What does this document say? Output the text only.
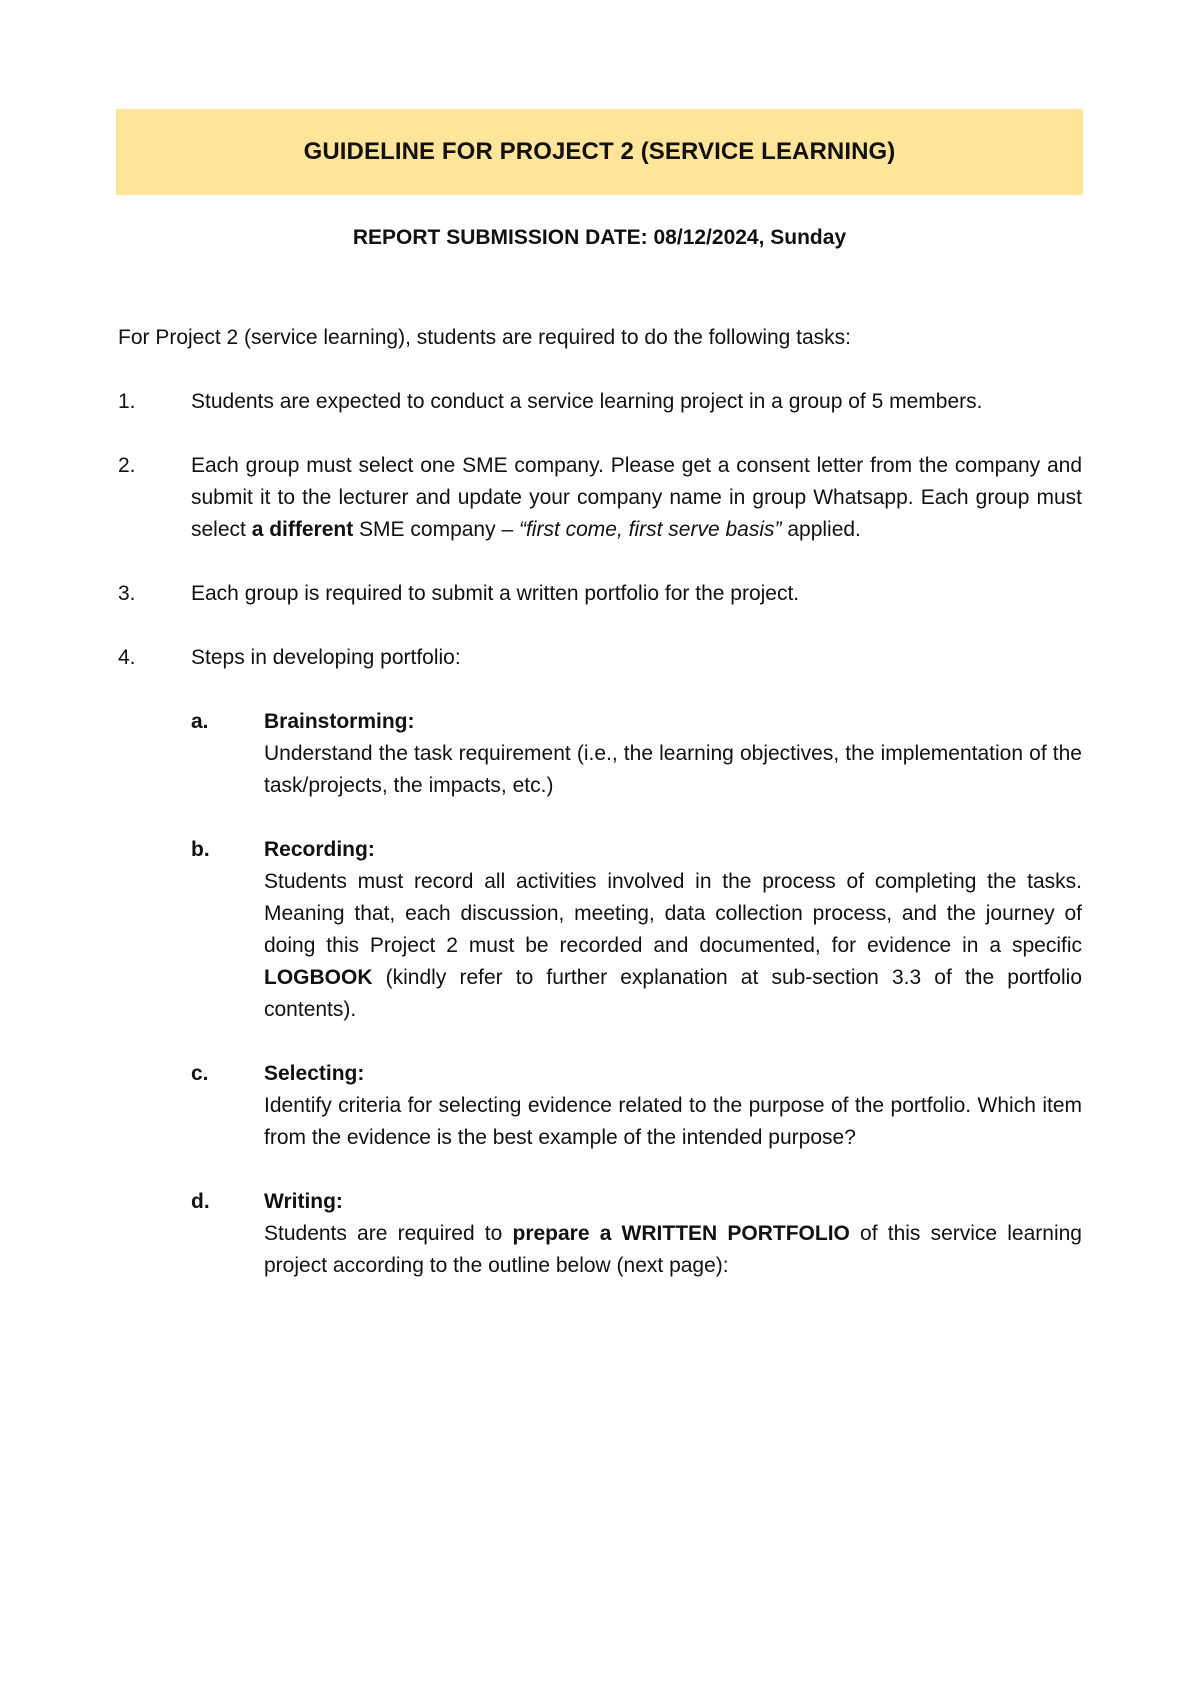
GUIDELINE FOR PROJECT 2 (SERVICE LEARNING)
REPORT SUBMISSION DATE: 08/12/2024, Sunday
For Project 2 (service learning), students are required to do the following tasks:
1.	Students are expected to conduct a service learning project in a group of 5 members.
2.	Each group must select one SME company. Please get a consent letter from the company and submit it to the lecturer and update your company name in group Whatsapp. Each group must select a different SME company – “first come, first serve basis” applied.
3.	Each group is required to submit a written portfolio for the project.
4.	Steps in developing portfolio:
a.	Brainstorming:
Understand the task requirement (i.e., the learning objectives, the implementation of the task/projects, the impacts, etc.)
b.	Recording:
Students must record all activities involved in the process of completing the tasks. Meaning that, each discussion, meeting, data collection process, and the journey of doing this Project 2 must be recorded and documented, for evidence in a specific LOGBOOK (kindly refer to further explanation at sub-section 3.3 of the portfolio contents).
c.	Selecting:
Identify criteria for selecting evidence related to the purpose of the portfolio. Which item from the evidence is the best example of the intended purpose?
d.	Writing:
Students are required to prepare a WRITTEN PORTFOLIO of this service learning project according to the outline below (next page):
